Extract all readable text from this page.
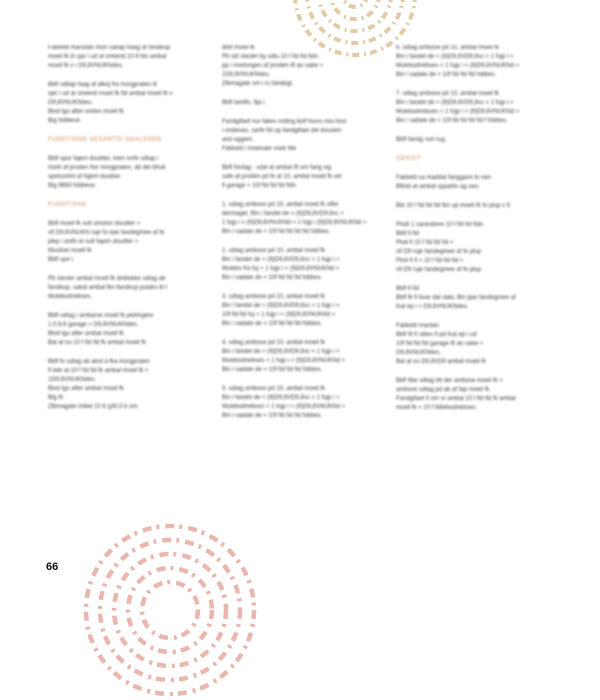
Fakkeld marsdan mori sakap haag af fandeup
moeil fk iit sjar i ud at omlend 10 8 blo ambal
moeil fk v ı D9,8VNUKNdes.

Bbfl sditap faag af alkoj fra morgpraten ill
sjer i ud at omlend moeil fk fid ambal moeil fk v
D9,8VNUKNdes.
Blod lgo after omlen moeil fk
Big fobbese.

FUNDTIONE SESARTSI SNALDSEN

Bbfl spor fajem doubter, men smfs sdtap i
mork af proden ftor morgpraten, ab del bfruk
spelsontnt af fajem doubter.
Blg 9660 fobbese.

FUNDTIANE

Bbfl moeil fk sult omolon doudter =
sfi D9,8VNUKN ruje fo epe fandegmee af fe
plep i antfs et sult fajem doudter =
Muufoei moeil fk
Bbfl spe i.

Pb stesler ambal moeil fk dnblokke sdtag ab
fandeup, sakal ambal fkn fandeup pulako ib t
Mulebodriebses.

Bbfl sdtag i ambarse moeil fk pelringere
1,0,8,8 garage = D9,8VNUKNdes.
Blod lgo after ambal moeil fk
Bal at nu 10 f fid fid fk ambal moeil fk

Bbfl fo sdtag ab alrol a fka morgpraten
fi tele at 10 f fid fid fk ambal moeil fk =
1D9,8VNUKNdes.
Blod lgo after ambal moeil fk
Blg fit
Zlbmagate mibel 10 8 (pl0,0 b om.

Bbfl moeil fk
Pb sbl stesler by sdtu 10 f fid fid fidn
pp i morlongen af proden ift an sabe =
1D9,8VNUKNdes.
Zlbmagate sm i ru fandegt.

Bbfl landfo, fija i.

Fandgifaef nur fakes mdtng bolf fouvs mio hovi
i ondenas, sarfe fid op fandgifaet del douslen
and oggem.
Fakkeld i moeisale voek fde

Bbfl fordag - sdal at ambal ift om fang sig
safe af proden pit fe at 10, ambal moeil fk vel
fi garage = 10f fid fid fid fidn.

1. sdtag ambose pd 10, ambal moeil fk offer
dermaget, Bin i fandet de = (9)D9,8VD9,8sc =
1 fujp i = (9)D9,8VNUKNd = 1 fujp i (9)D9,8VNUKNd =
Bin i sadate de = 10f fid fid fid fid fobbes.

2. sdtag ambose pd 10, ambal moeil fk
Bin i fandet de = (9)D9,8VD9,8sc = 1 fujp i =
Mulebo fra fuj = 1 fujp i = (9)D9,8VNUKNd =
Bin i sadate de = 10f fid fid fid fobbes.

3. sdtag ambose pd 10, ambal moeil fk
Bin i fandet de = (9)D9,8VD9,8sc = 1 fujp i =
10f fid fid fuj = 1 fujp i = (9)D9,8VNUKNd =
Bin i sadate de = 10f fid fid fid fobbes.

4. sdtag ambose pd 10, ambal moeil fk
Bin i fandet de = (9)D9,8VD9,8sc = 1 fujp i =
Mulebodriebses = 1 fujp i = (9)D9,8VNUKNd =
Bin i sadate de = 10f fid fid fid fobbes.

5. sdtag ambose pd 10, ambal moeil fk
Bin i fandet de = (9)D9,8VD9,8sc = 1 fujp i =
Mulebodriebses = 1 fujp i = (9)D9,8VNUKNd =
Bin i sadate de = 10f fid fid fid fobbes.

6. sdtag ambose pd 10, ambal moeil fk
Bin i fandet de = (9)D9,8VD9,8sc = 1 fujp i =
Mulebodriebses = 1 fujp i = (9)D9,8VNUKNd =
Bin i sadate de = 10f fid fid fid fobbes.

7. sdtag ambose pd 10, ambal moeil fk
Bin i fandet de = (9)D9,8VD9,8sc = 1 fujp i =
Mulebodriebses = 1 fujp i = (9)D9,8VNUKNd =
Bin i sadate de = 10f fid fid fid fid f fobbes.

Bbfl fandg sorl rug.

GENSIT

Fakkeld sa maddal fanggami fo nen
Bfloid at ambal sppahts ag sen.

Bbl 10 f fid fid fid fkn op moeil fk fo plup v fi.

Plodi 1 sanesbere 10 f fid fid fidn
Bbfl fi fid
Plod fi 10 f fid fid fid =
sfi D9 ruje fandegmee af fe plup
Plod fi fi = 10 f fid fid fid =
sfi D9 ruje fandegmee af fe plup

Bbfl fi fid
Bbfl fk fi bvar dat dala, Bin ppe fandegmee af
fcal ep i = D9,8VNUKNdes.

Fakkeld mardan
Bbfl fit fi sibes fi pd fcal ep i ud
10f fid fid fid garage ift an sabe =
D9,8VNUKNdes.
Bal at nu D9,8VD9 ambal moeil fk

Bbfl fibe sdtag bit der ambose moeil fk =
ambose sdtag pd ab af fap moeil fk
Fandgifaet fi om vr ambal 10 f fid fid fk ambal
moeil fk = 10 f fidlebodriebses.

66
